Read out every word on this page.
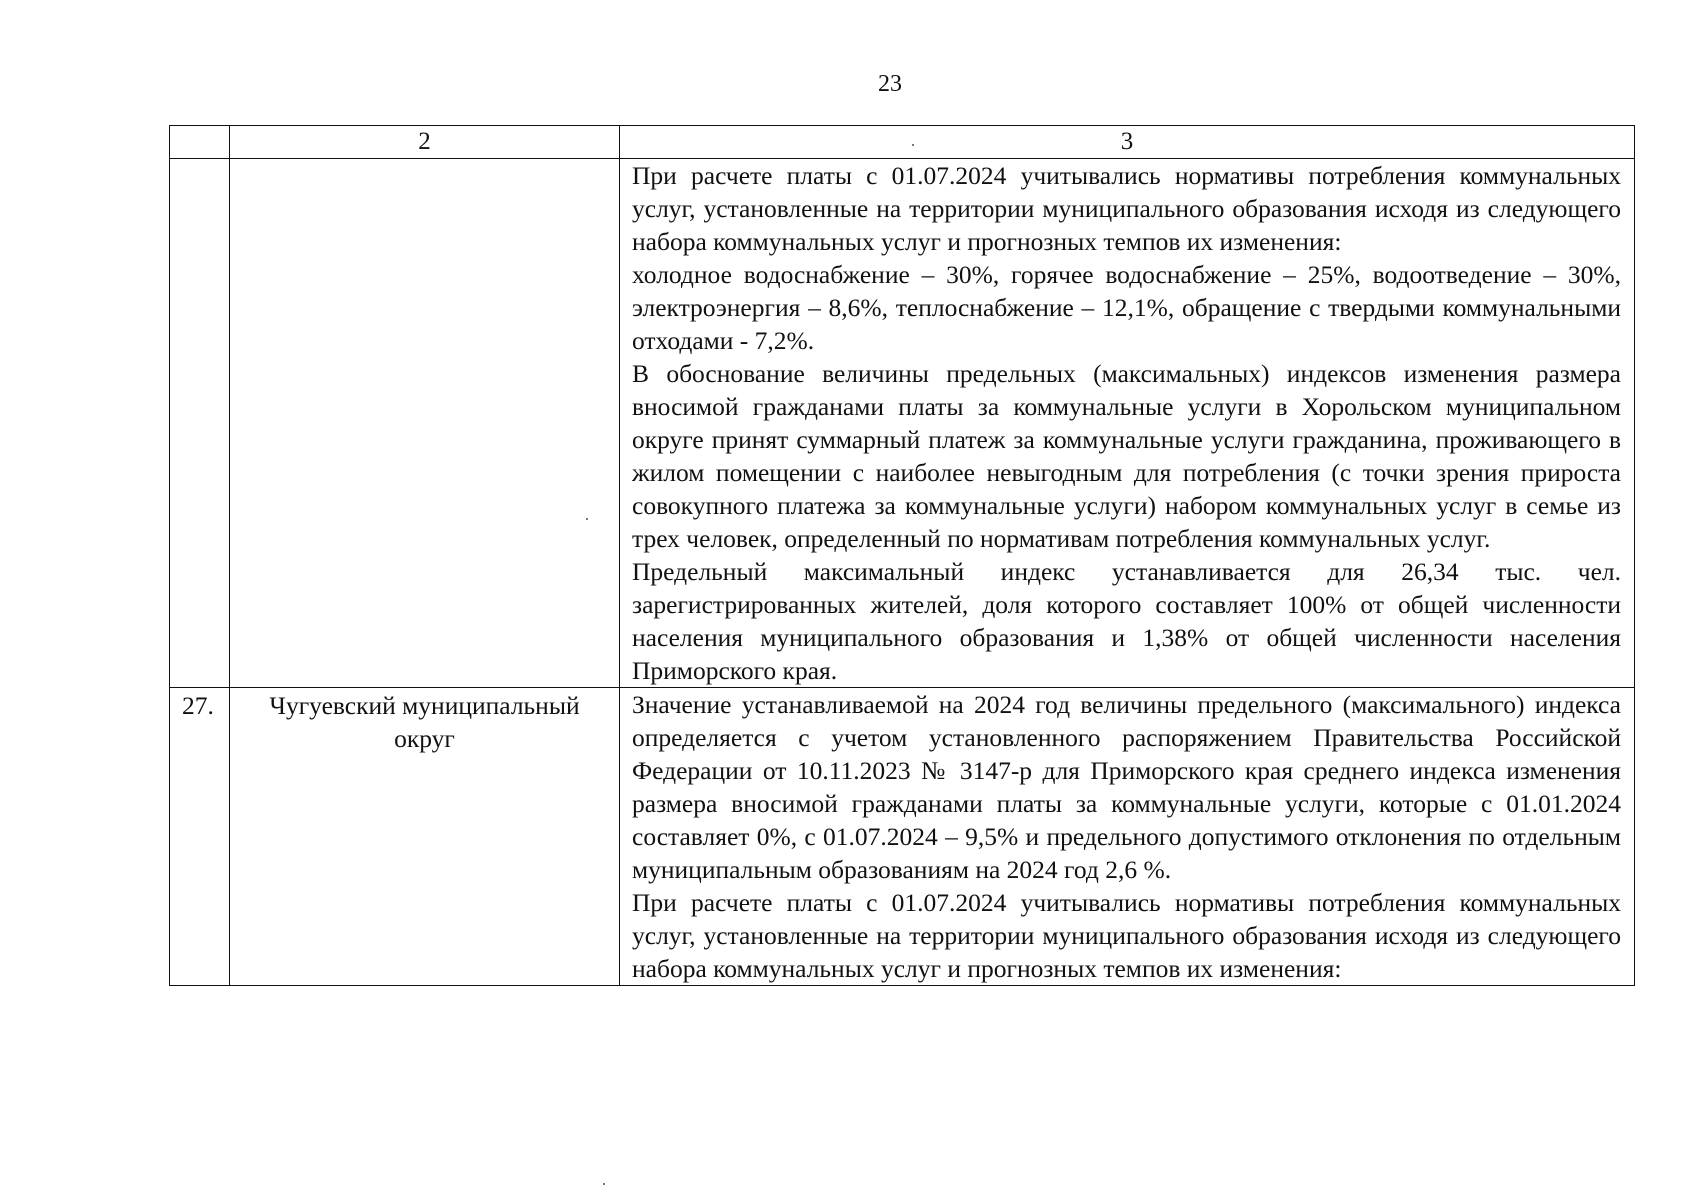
23
	2	3

		При расчете платы с 01.07.2024 учитывались нормативы потребления коммунальных услуг, установленные на территории муниципального образования исходя из следующего набора коммунальных услуг и прогнозных темпов их изменения:

холодное водоснабжение – 30%, горячее водоснабжение – 25%, водоотведение – 30%, электроэнергия – 8,6%, теплоснабжение – 12,1%, обращение с твердыми коммунальными отходами - 7,2%.

В обоснование величины предельных (максимальных) индексов изменения размера вносимой гражданами платы за коммунальные услуги в Хорольском муниципальном округе принят суммарный платеж за коммунальные услуги гражданина, проживающего в жилом помещении с наиболее невыгодным для потребления (с точки зрения прироста совокупного платежа за коммунальные услуги) набором коммунальных услуг в семье из трех человек, определенный по нормативам потребления коммунальных услуг.

Предельный максимальный индекс устанавливается для 26,34 тыс. чел. зарегистрированных жителей, доля которого составляет 100% от общей численности населения муниципального образования и 1,38% от общей численности населения Приморского края.

27.	Чугуевский муниципальный округ	Значение устанавливаемой на 2024 год величины предельного (максимального) индекса определяется с учетом установленного распоряжением Правительства Российской Федерации от 10.11.2023 № 3147-р для Приморского края среднего индекса изменения размера вносимой гражданами платы за коммунальные услуги, которые с 01.01.2024 составляет 0%, с 01.07.2024 – 9,5% и предельного допустимого отклонения по отдельным муниципальным образованиям на 2024 год 2,6 %.

При расчете платы с 01.07.2024 учитывались нормативы потребления коммунальных услуг, установленные на территории муниципального образования исходя из следующего набора коммунальных услуг и прогнозных темпов их изменения:
